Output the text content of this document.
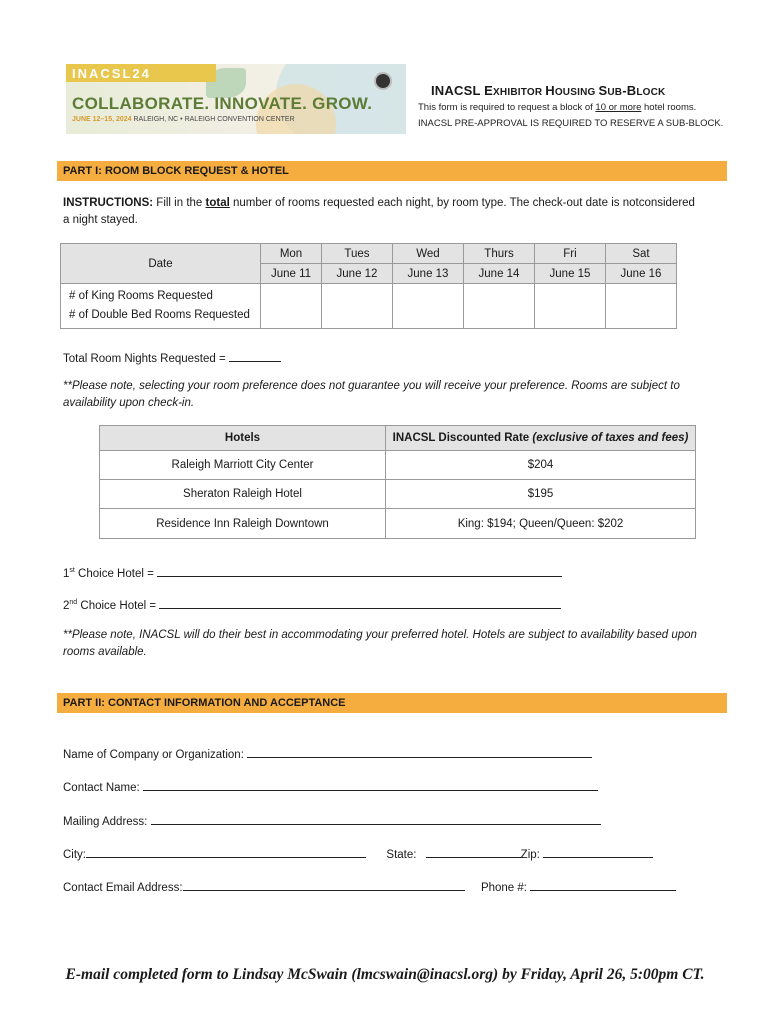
INACSL24
COLLABORATE. INNOVATE. GROW.
JUNE 12–15, 2024 RALEIGH, NC • RALEIGH CONVENTION CENTER
INACSL EXHIBITOR HOUSING SUB-BLOCK
This form is required to request a block of 10 or more hotel rooms.
INACSL PRE-APPROVAL IS REQUIRED TO RESERVE A SUB-BLOCK.
PART I: ROOM BLOCK REQUEST & HOTEL
INSTRUCTIONS: Fill in the total number of rooms requested each night, by room type. The check-out date is notconsidered a night stayed.
Date	Mon	Tues	Wed	Thurs	Fri	Sat
	June 11	June 12	June 13	June 14	June 15	June 16
# of King Rooms Requested
# of Double Bed Rooms Requested						
Total Room Nights Requested =
**Please note, selecting your room preference does not guarantee you will receive your preference. Rooms are subject to availability upon check-in.
Hotels	INACSL Discounted Rate (exclusive of taxes and fees)
Raleigh Marriott City Center	$204
Sheraton Raleigh Hotel	$195
Residence Inn Raleigh Downtown	King: $194; Queen/Queen: $202
1st Choice Hotel =
2nd Choice Hotel =
**Please note, INACSL will do their best in accommodating your preferred hotel. Hotels are subject to availability based upon rooms available.
PART II: CONTACT INFORMATION AND ACCEPTANCE
Name of Company or Organization:
Contact Name:
Mailing Address:
City:	State:	Zip:
Contact Email Address:	Phone #:
E-mail completed form to Lindsay McSwain (lmcswain@inacsl.org) by Friday, April 26, 5:00pm CT.
